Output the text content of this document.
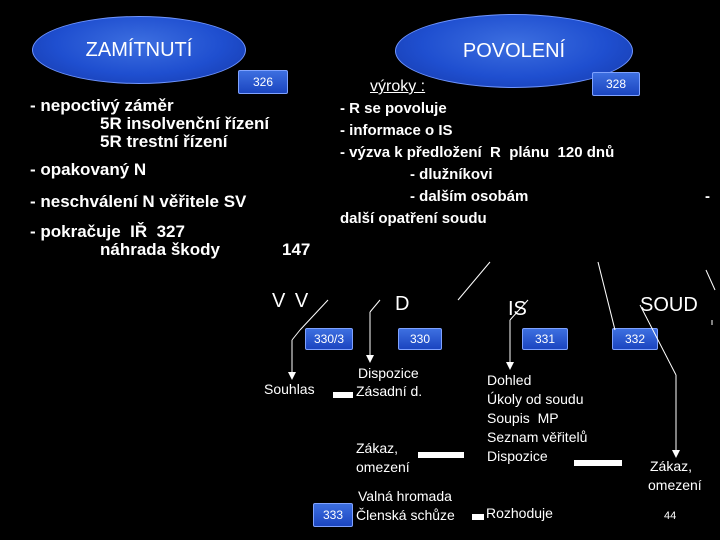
ZAMÍTNUTÍ	POVOLENÍ
326	328
- nepoctivý záměr
5R insolvenční řízení
5R trestní řízení
- opakovaný N
- neschválení N věřitele SV
- pokračuje  IŘ  327
náhrada škody	147
výroky :
- R se povoluje
- informace o IS
- výzva k předložení  R  plánu  120 dnů
- dlužníkovi
- dalším osobám	-
další opatření soudu
V V	D	IS	SOUD
330/3	330	331	332
333
Souhlas
Dispozice
Zásadní d.
Zákaz,
omezení
Valná hromada
Členská schůze Rozhoduje
Dohled
Úkoly od soudu
Soupis  MP
Seznam věřitelů
Dispozice
Zákaz,
omezení
44
